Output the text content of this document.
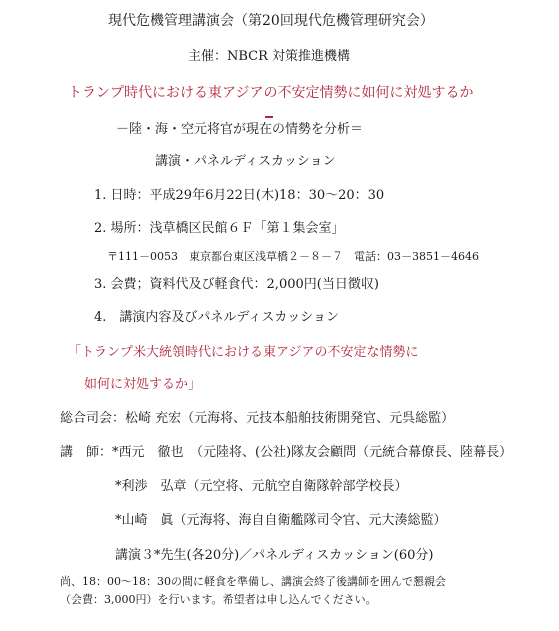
現代危機管理講演会（第20回現代危機管理研究会）
主催：NBCR 対策推進機構
トランプ時代における東アジアの不安定情勢に如何に対処するか
－陸・海・空元将官が現在の情勢を分析＝
講演・パネルディスカッション
1. 日時：平成29年6月22日(木)18：30～20：30
2. 場所：浅草橋区民館６Ｆ「第１集会室」
〒111－0053　東京都台東区浅草橋２－８－７　電話：03－3851－4646
3. 会費；資料代及び軽食代：2,000円(当日徴収)
4.　講演内容及びパネルディスカッション
「トランプ米大統領時代における東アジアの不安定な情勢に
如何に対処するか」
総合司会：松崎 充宏（元海将、元技本船舶技術開発官、元呉総監）
講　師：*西元　徹也　（元陸将、(公社)隊友会顧問（元統合幕僚長、陸幕長）
*利渉　弘章（元空将、元航空自衛隊幹部学校長）
*山崎　眞（元海将、海自自衛艦隊司令官、元大湊総監）
講演３*先生(各20分)／パネルディスカッション(60分)
尚、18：00～18：30の間に軽食を準備し、講演会終了後講師を囲んで懇親会
（会費：3,000円）を行います。希望者は申し込んでください。
